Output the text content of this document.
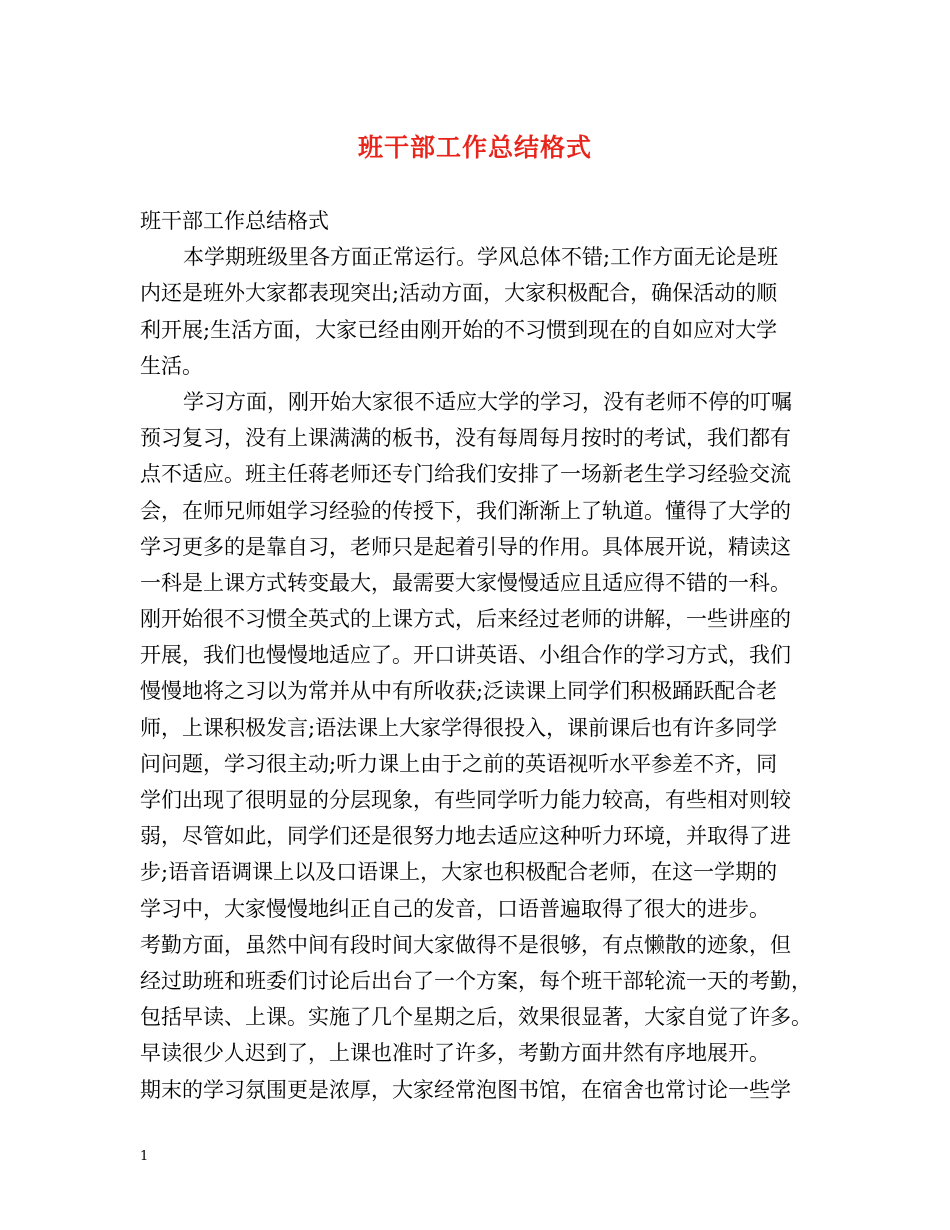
班干部工作总结格式
班干部工作总结格式
本学期班级里各方面正常运行。学风总体不错;工作方面无论是班
内还是班外大家都表现突出;活动方面，大家积极配合，确保活动的顺
利开展;生活方面，大家已经由刚开始的不习惯到现在的自如应对大学
生活。
学习方面，刚开始大家很不适应大学的学习，没有老师不停的叮嘱
预习复习，没有上课满满的板书，没有每周每月按时的考试，我们都有
点不适应。班主任蒋老师还专门给我们安排了一场新老生学习经验交流
会，在师兄师姐学习经验的传授下，我们渐渐上了轨道。懂得了大学的
学习更多的是靠自习，老师只是起着引导的作用。具体展开说，精读这
一科是上课方式转变最大，最需要大家慢慢适应且适应得不错的一科。
刚开始很不习惯全英式的上课方式，后来经过老师的讲解，一些讲座的
开展，我们也慢慢地适应了。开口讲英语、小组合作的学习方式，我们
慢慢地将之习以为常并从中有所收获;泛读课上同学们积极踊跃配合老
师，上课积极发言;语法课上大家学得很投入，课前课后也有许多同学
问问题，学习很主动;听力课上由于之前的英语视听水平参差不齐，同
学们出现了很明显的分层现象，有些同学听力能力较高，有些相对则较
弱，尽管如此，同学们还是很努力地去适应这种听力环境，并取得了进
步;语音语调课上以及口语课上，大家也积极配合老师，在这一学期的
学习中，大家慢慢地纠正自己的发音，口语普遍取得了很大的进步。
考勤方面，虽然中间有段时间大家做得不是很够，有点懒散的迹象，但
经过助班和班委们讨论后出台了一个方案，每个班干部轮流一天的考勤，
包括早读、上课。实施了几个星期之后，效果很显著，大家自觉了许多。
早读很少人迟到了，上课也准时了许多，考勤方面井然有序地展开。
期末的学习氛围更是浓厚，大家经常泡图书馆，在宿舍也常讨论一些学
1
